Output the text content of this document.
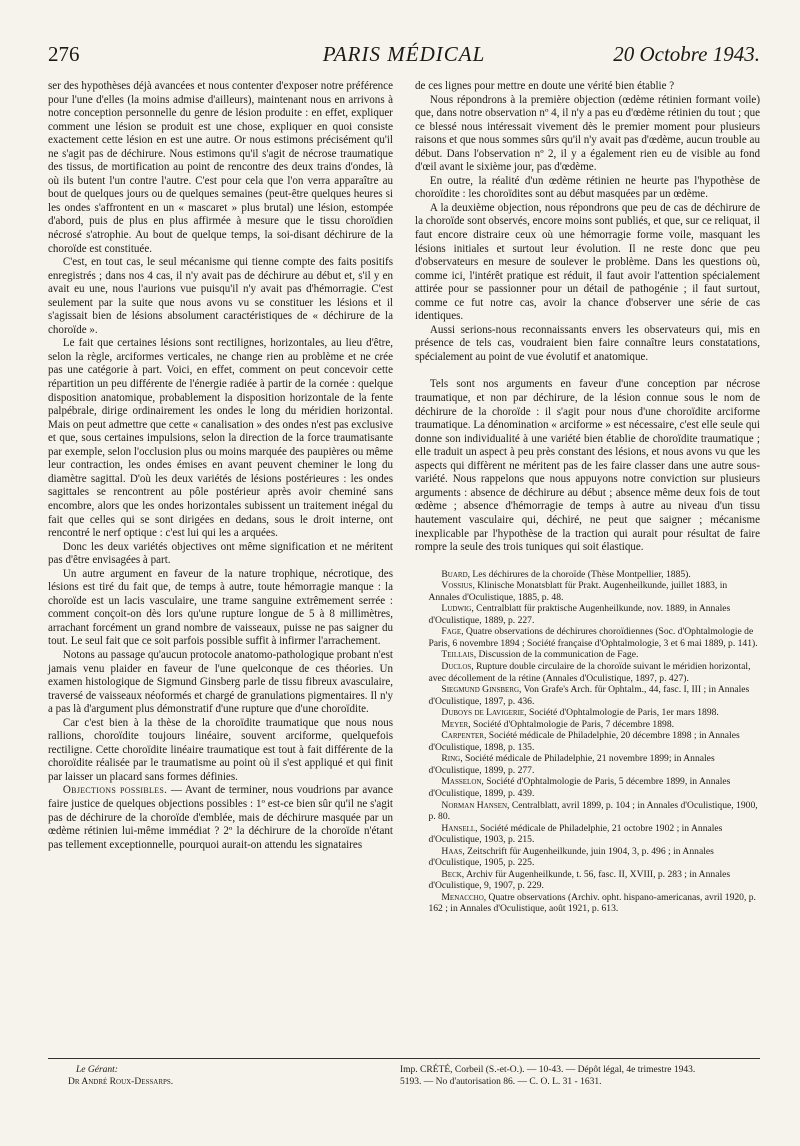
276	PARIS MÉDICAL	20 Octobre 1943.

ser des hypothèses déjà avancées et nous contenter d'exposer notre préférence pour l'une d'elles (la moins admise d'ailleurs), maintenant nous en arrivons à notre conception personnelle du genre de lésion produite : en effet, expliquer comment une lésion se produit est une chose, expliquer en quoi consiste exactement cette lésion en est une autre. Or nous estimons précisément qu'il ne s'agit pas de déchirure. Nous estimons qu'il s'agit de nécrose traumatique des tissus, de mortification au point de rencontre des deux trains d'ondes, là où ils butent l'un contre l'autre. C'est pour cela que l'on verra apparaître au bout de quelques jours ou de quelques semaines (peut-être quelques heures si les ondes s'affrontent en un « mascaret » plus brutal) une lésion, estompée d'abord, puis de plus en plus affirmée à mesure que le tissu choroïdien nécrosé s'atrophie. Au bout de quelque temps, la soi-disant déchirure de la choroïde est constituée.

C'est, en tout cas, le seul mécanisme qui tienne compte des faits positifs enregistrés ; dans nos 4 cas, il n'y avait pas de déchirure au début et, s'il y en avait eu une, nous l'aurions vue puisqu'il n'y avait pas d'hémorragie. C'est seulement par la suite que nous avons vu se constituer les lésions et il s'agissait bien de lésions absolument caractéristiques de « déchirure de la choroïde ».

Le fait que certaines lésions sont rectilignes, horizontales, au lieu d'être, selon la règle, arciformes verticales, ne change rien au problème et ne crée pas une catégorie à part. Voici, en effet, comment on peut concevoir cette répartition un peu différente de l'énergie radiée à partir de la cornée : quelque disposition anatomique, probablement la disposition horizontale de la fente palpébrale, dirige ordinairement les ondes le long du méridien horizontal. Mais on peut admettre que cette « canalisation » des ondes n'est pas exclusive et que, sous certaines impulsions, selon la direction de la force traumatisante par exemple, selon l'occlusion plus ou moins marquée des paupières ou même leur contraction, les ondes émises en avant peuvent cheminer le long du diamètre sagittal. D'où les deux variétés de lésions postérieures : les ondes sagittales se rencontrent au pôle postérieur après avoir cheminé sans encombre, alors que les ondes horizontales subissent un traitement inégal du fait que celles qui se sont dirigées en dedans, sous le droit interne, ont rencontré le nerf optique : c'est lui qui les a arquées.

Donc les deux variétés objectives ont même signification et ne méritent pas d'être envisagées à part.

Un autre argument en faveur de la nature trophique, nécrotique, des lésions est tiré du fait que, de temps à autre, toute hémorragie manque : la choroïde est un lacis vasculaire, une trame sanguine extrêmement serrée : comment conçoit-on dès lors qu'une rupture longue de 5 à 8 millimètres, arrachant forcément un grand nombre de vaisseaux, puisse ne pas saigner du tout. Le seul fait que ce soit parfois possible suffit à infirmer l'arrachement.

Notons au passage qu'aucun protocole anatomo-pathologique probant n'est jamais venu plaider en faveur de l'une quelconque de ces théories. Un examen histologique de Sigmund Ginsberg parle de tissu fibreux avasculaire, traversé de vaisseaux néoformés et chargé de granulations pigmentaires. Il n'y a pas là d'argument plus démonstratif d'une rupture que d'une choroïdite.

Car c'est bien à la thèse de la choroïdite traumatique que nous nous rallions, choroïdite toujours linéaire, souvent arciforme, quelquefois rectiligne. Cette choroïdite linéaire traumatique est tout à fait différente de la choroïdite réalisée par le traumatisme au point où il s'est appliqué et qui finit par laisser un placard sans formes définies.

Objections possibles. — Avant de terminer, nous voudrions par avance faire justice de quelques objections possibles : 1º est-ce bien sûr qu'il ne s'agit pas de déchirure de la choroïde d'emblée, mais de déchirure masquée par un œdème rétinien lui-même immédiat ? 2º la déchirure de la choroïde n'étant pas tellement exceptionnelle, pourquoi aurait-on attendu les signataires

de ces lignes pour mettre en doute une vérité bien établie ?

Nous répondrons à la première objection (œdème rétinien formant voile) que, dans notre observation nº 4, il n'y a pas eu d'œdème rétinien du tout ; que ce blessé nous intéressait vivement dès le premier moment pour plusieurs raisons et que nous sommes sûrs qu'il n'y avait pas d'œdème, aucun trouble au début. Dans l'observation nº 2, il y a également rien eu de visible au fond d'œil avant le sixième jour, pas d'œdème.

En outre, la réalité d'un œdème rétinien ne heurte pas l'hypothèse de choroïdite : les choroïdites sont au début masquées par un œdème.

A la deuxième objection, nous répondrons que peu de cas de déchirure de la choroïde sont observés, encore moins sont publiés, et que, sur ce reliquat, il faut encore distraire ceux où une hémorragie forme voile, masquant les lésions initiales et surtout leur évolution. Il ne reste donc que peu d'observateurs en mesure de soulever le problème. Dans les questions où, comme ici, l'intérêt pratique est réduit, il faut avoir l'attention spécialement attirée pour se passionner pour un détail de pathogénie ; il faut surtout, comme ce fut notre cas, avoir la chance d'observer une série de cas identiques.

Aussi serions-nous reconnaissants envers les observateurs qui, mis en présence de tels cas, voudraient bien faire connaître leurs constatations, spécialement au point de vue évolutif et anatomique.

Tels sont nos arguments en faveur d'une conception par nécrose traumatique, et non par déchirure, de la lésion connue sous le nom de déchirure de la choroïde : il s'agit pour nous d'une choroïdite arciforme traumatique. La dénomination « arciforme » est nécessaire, c'est elle seule qui donne son individualité à une variété bien établie de choroïdite traumatique ; elle traduit un aspect à peu près constant des lésions, et nous avons vu que les aspects qui diffèrent ne méritent pas de les faire classer dans une autre sous-variété. Nous rappelons que nous appuyons notre conviction sur plusieurs arguments : absence de déchirure au début ; absence même deux fois de tout œdème ; absence d'hémorragie de temps à autre au niveau d'un tissu hautement vasculaire qui, déchiré, ne peut que saigner ; mécanisme inexplicable par l'hypothèse de la traction qui aurait pour résultat de faire rompre la seule des trois tuniques qui soit élastique.

Buard, Les déchirures de la choroïde (Thèse Montpellier, 1885).

Vossius, Klinische Monatsblatt für Prakt. Augenheilkunde, juillet 1883, in Annales d'Oculistique, 1885, p. 48.

Ludwig, Centralblatt für praktische Augenheilkunde, nov. 1889, in Annales d'Oculistique, 1889, p. 227.

Fage, Quatre observations de déchirures choroïdiennes (Soc. d'Ophtalmologie de Paris, 6 novembre 1894 ; Société française d'Ophtalmologie, 3 et 6 mai 1889, p. 141).

Teillais, Discussion de la communication de Fage.

Duclos, Rupture double circulaire de la choroïde suivant le méridien horizontal, avec décollement de la rétine (Annales d'Oculistique, 1897, p. 427).

Siegmund Ginsberg, Von Grafe's Arch. für Ophtalm., 44, fasc. I, III ; in Annales d'Oculistique, 1897, p. 436.

Duboys de Lavigerie, Société d'Ophtalmologie de Paris, 1er mars 1898.

Meyer, Société d'Ophtalmologie de Paris, 7 décembre 1898.

Carpenter, Société médicale de Philadelphie, 20 décembre 1898 ; in Annales d'Oculistique, 1898, p. 135.

Ring, Société médicale de Philadelphie, 21 novembre 1899; in Annales d'Oculistique, 1899, p. 277.

Masselon, Société d'Ophtalmologie de Paris, 5 décembre 1899, in Annales d'Oculistique, 1899, p. 439.

Norman Hansen, Centralblatt, avril 1899, p. 104 ; in Annales d'Oculistique, 1900, p. 80.

Hansell, Société médicale de Philadelphie, 21 octobre 1902 ; in Annales d'Oculistique, 1903, p. 215.

Haas, Zeitschrift für Augenheilkunde, juin 1904, 3, p. 496 ; in Annales d'Oculistique, 1905, p. 225.

Beck, Archiv für Augenheilkunde, t. 56, fasc. II, XVIII, p. 283 ; in Annales d'Oculistique, 9, 1907, p. 229.

Menaccho, Quatre observations (Archiv. opht. hispano-americanas, avril 1920, p. 162 ; in Annales d'Oculistique, août 1921, p. 613.

Le Gérant:
Dr André Roux-Dessarps.
Imp. CRÉTÉ, Corbeil (S.-et-O.). — 10-43. — Dépôt légal, 4e trimestre 1943.
5193. — No d'autorisation 86. — C. O. L. 31 - 1631.
